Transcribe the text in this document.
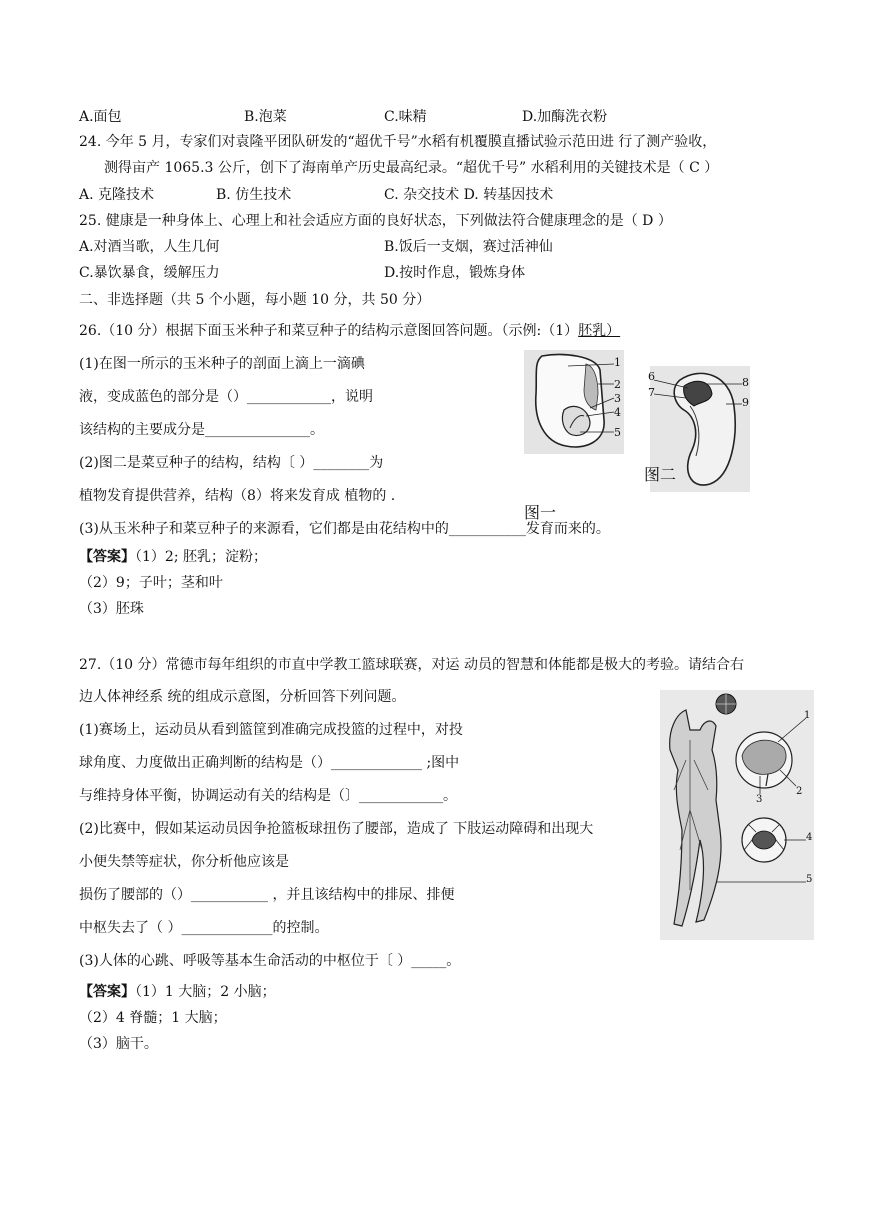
A.面包	B.泡菜	C.味精	D.加酶洗衣粉
24. 今年 5 月，专家们对袁隆平团队研发的“超优千号”水稻有机覆膜直播试验示范田进 行了测产验收，
测得亩产 1065.3 公斤，创下了海南单产历史最高纪录。“超优千号” 水稻利用的关键技术是（ C ）
A. 克隆技术	B. 仿生技术	C. 杂交技术 D. 转基因技术
25. 健康是一种身体上、心理上和社会适应方面的良好状态，下列做法符合健康理念的是（ D ）
A.对酒当歌，人生几何	B.饭后一支烟，赛过活神仙
C.暴饮暴食，缓解压力	D.按时作息，锻炼身体
二、非选择题（共 5 个小题，每小题 10 分，共 50 分）
26.（10 分）根据下面玉米种子和菜豆种子的结构示意图回答问题。（示例:（1）胚乳）
(1)在图一所示的玉米种子的剖面上滴上一滴碘
液，变成蓝色的部分是（）____________，说明
该结构的主要成分是_______________。
(2)图二是菜豆种子的结构，结构〔 ）________为
植物发育提供营养，结构（8）将来发育成 植物的 .
(3)从玉米种子和菜豆种子的来源看，它们都是由花结构中的___________发育而来的。
【答案】（1）2; 胚乳；淀粉；
（2）9；子叶；茎和叶
（3）胚珠
1
2
3
4
5
图一
6
7
8
9
图二
27.（10 分）常德市每年组织的市直中学教工篮球联赛，对运 动员的智慧和体能都是极大的考验。请结合右
边人体神经系 统的组成示意图，分析回答下列问题。
(1)赛场上，运动员从看到篮筐到准确完成投篮的过程中，对投
球角度、力度做出正确判断的结构是（）_____________ ;图中
与维持身体平衡，协调运动有关的结构是（〕____________。
(2)比赛中，假如某运动员因争抢篮板球扭伤了腰部，造成了 下肢运动障碍和出现大
小便失禁等症状，你分析他应该是
损伤了腰部的（）___________ ，并且该结构中的排尿、排便
中枢失去了（ ）_____________的控制。
(3)人体的心跳、呼吸等基本生命活动的中枢位于〔 ）_____。
【答案】（1）1 大脑；2 小脑；
（2）4 脊髓；1 大脑；
（3）脑干。
1
2
3
4
5
